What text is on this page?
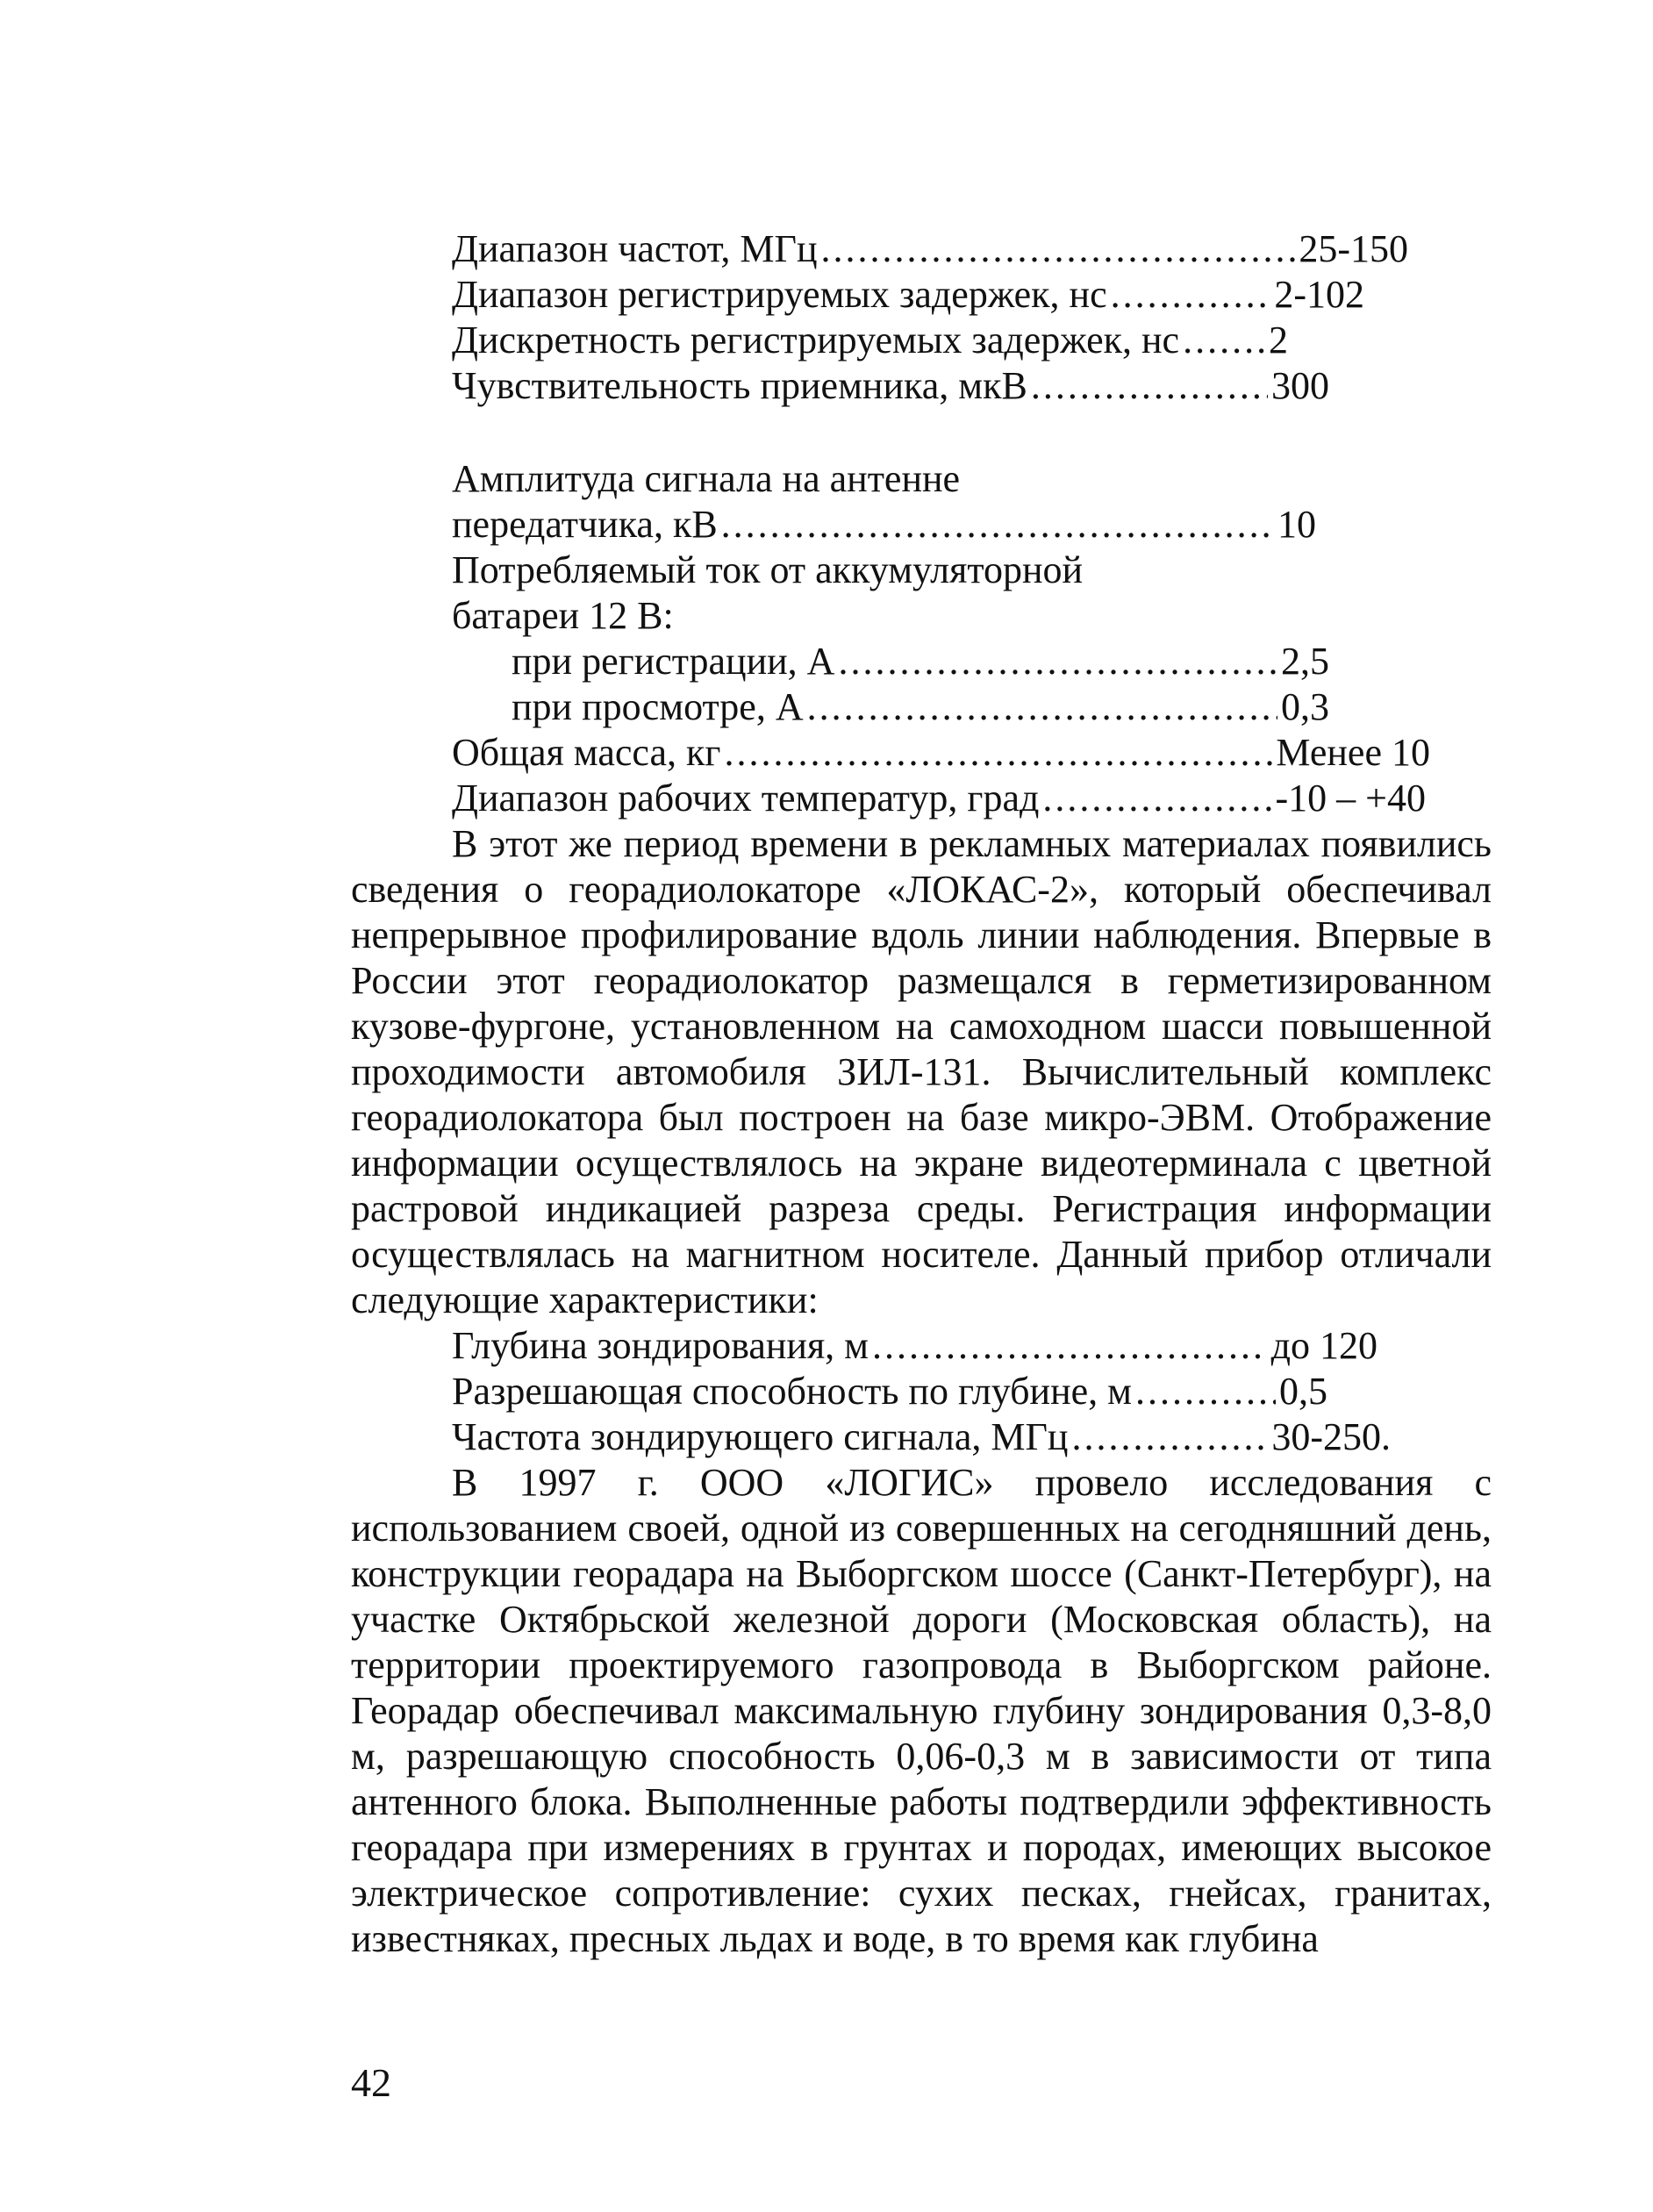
Диапазон частот, МГц .....	25-150
Диапазон регистрируемых задержек, нс .....	2-102
Дискретность регистрируемых задержек, нс ..... 2
Чувствительность приемника, мкВ .....	300
Амплитуда сигнала на антенне
передатчика, кВ .....	10
Потребляемый ток от аккумуляторной
батареи 12 В:
при регистрации, А .....	2,5
при просмотре, А .....	0,3
Общая масса, кг .....	Менее 10
Диапазон рабочих температур, град .....	-10 – +40

В этот же период времени в рекламных материалах появились сведения о георадиолокаторе «ЛОКАС-2», который обеспечивал непрерывное профилирование вдоль линии наблюдения. Впервые в России этот георадиолокатор размещался в герметизированном кузове-фургоне, установленном на самоходном шасси повышенной проходимости автомобиля ЗИЛ-131. Вычислительный комплекс георадиолокатора был построен на базе микро-ЭВМ. Отображение информации осуществлялось на экране видеотерминала с цветной растровой индикацией разреза среды. Регистрация информации осуществлялась на магнитном носителе. Данный прибор отличали следующие характеристики:

Глубина зондирования, м .....	до 120
Разрешающая способность по глубине, м .....	0,5
Частота зондирующего сигнала, МГц .....	30-250.

В 1997 г. ООО «ЛОГИС» провело исследования с использованием своей, одной из совершенных на сегодняшний день, конструкции георадара на Выборгском шоссе (Санкт-Петербург), на участке Октябрьской железной дороги (Московская область), на территории проектируемого газопровода в Выборгском районе. Георадар обеспечивал максимальную глубину зондирования 0,3-8,0 м, разрешающую способность 0,06-0,3 м в зависимости от типа антенного блока. Выполненные работы подтвердили эффективность георадара при измерениях в грунтах и породах, имеющих высокое электрическое сопротивление: сухих песках, гнейсах, гранитах, известняках, пресных льдах и воде, в то время как глубина

42
